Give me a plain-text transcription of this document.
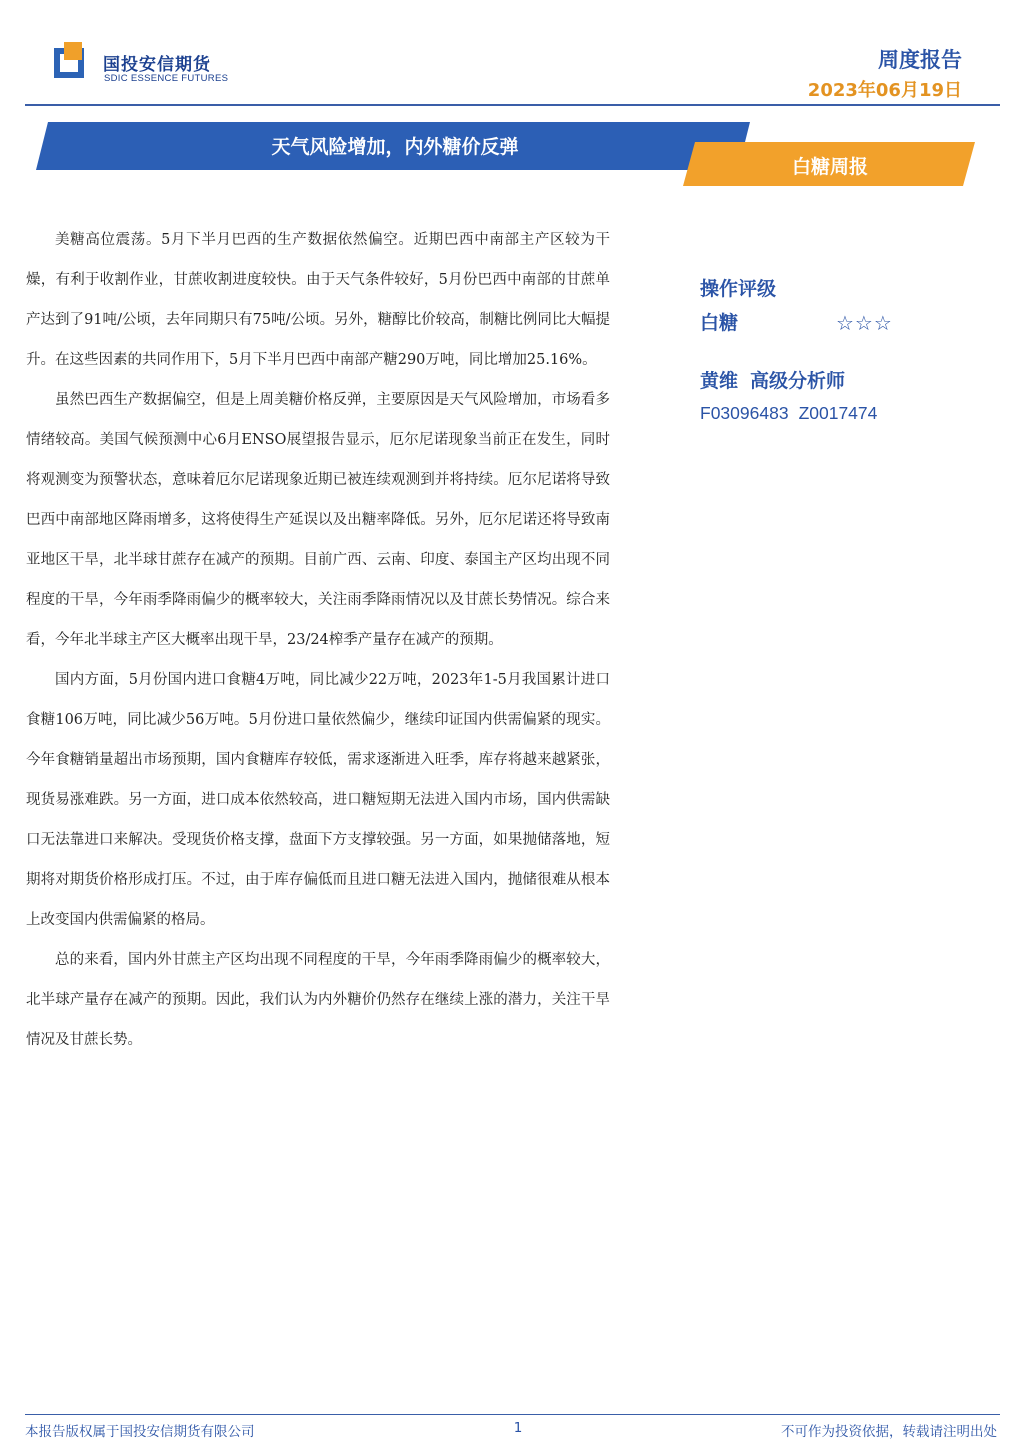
国投安信期货
SDIC ESSENCE FUTURES
周度报告
2023年06月19日
天气风险增加，内外糖价反弹
白糖周报

美糖高位震荡。5月下半月巴西的生产数据依然偏空。近期巴西中南部主产区较为干燥，有利于收割作业，甘蔗收割进度较快。由于天气条件较好，5月份巴西中南部的甘蔗单产达到了91吨/公顷，去年同期只有75吨/公顷。另外，糖醇比价较高，制糖比例同比大幅提升。在这些因素的共同作用下，5月下半月巴西中南部产糖290万吨，同比增加25.16%。

虽然巴西生产数据偏空，但是上周美糖价格反弹，主要原因是天气风险增加，市场看多情绪较高。美国气候预测中心6月ENSO展望报告显示，厄尔尼诺现象当前正在发生，同时将观测变为预警状态，意味着厄尔尼诺现象近期已被连续观测到并将持续。厄尔尼诺将导致巴西中南部地区降雨增多，这将使得生产延误以及出糖率降低。另外，厄尔尼诺还将导致南亚地区干旱，北半球甘蔗存在减产的预期。目前广西、云南、印度、泰国主产区均出现不同程度的干旱，今年雨季降雨偏少的概率较大，关注雨季降雨情况以及甘蔗长势情况。综合来看，今年北半球主产区大概率出现干旱，23/24榨季产量存在减产的预期。

国内方面，5月份国内进口食糖4万吨，同比减少22万吨，2023年1-5月我国累计进口食糖106万吨，同比减少56万吨。5月份进口量依然偏少，继续印证国内供需偏紧的现实。今年食糖销量超出市场预期，国内食糖库存较低，需求逐渐进入旺季，库存将越来越紧张，现货易涨难跌。另一方面，进口成本依然较高，进口糖短期无法进入国内市场，国内供需缺口无法靠进口来解决。受现货价格支撑，盘面下方支撑较强。另一方面，如果抛储落地，短期将对期货价格形成打压。不过，由于库存偏低而且进口糖无法进入国内，抛储很难从根本上改变国内供需偏紧的格局。

总的来看，国内外甘蔗主产区均出现不同程度的干旱，今年雨季降雨偏少的概率较大，北半球产量存在减产的预期。因此，我们认为内外糖价仍然存在继续上涨的潜力，关注干旱情况及甘蔗长势。

操作评级
白糖	☆☆☆
黄维 高级分析师
F03096483 Z0017474
本报告版权属于国投安信期货有限公司	1	不可作为投资依据，转载请注明出处
